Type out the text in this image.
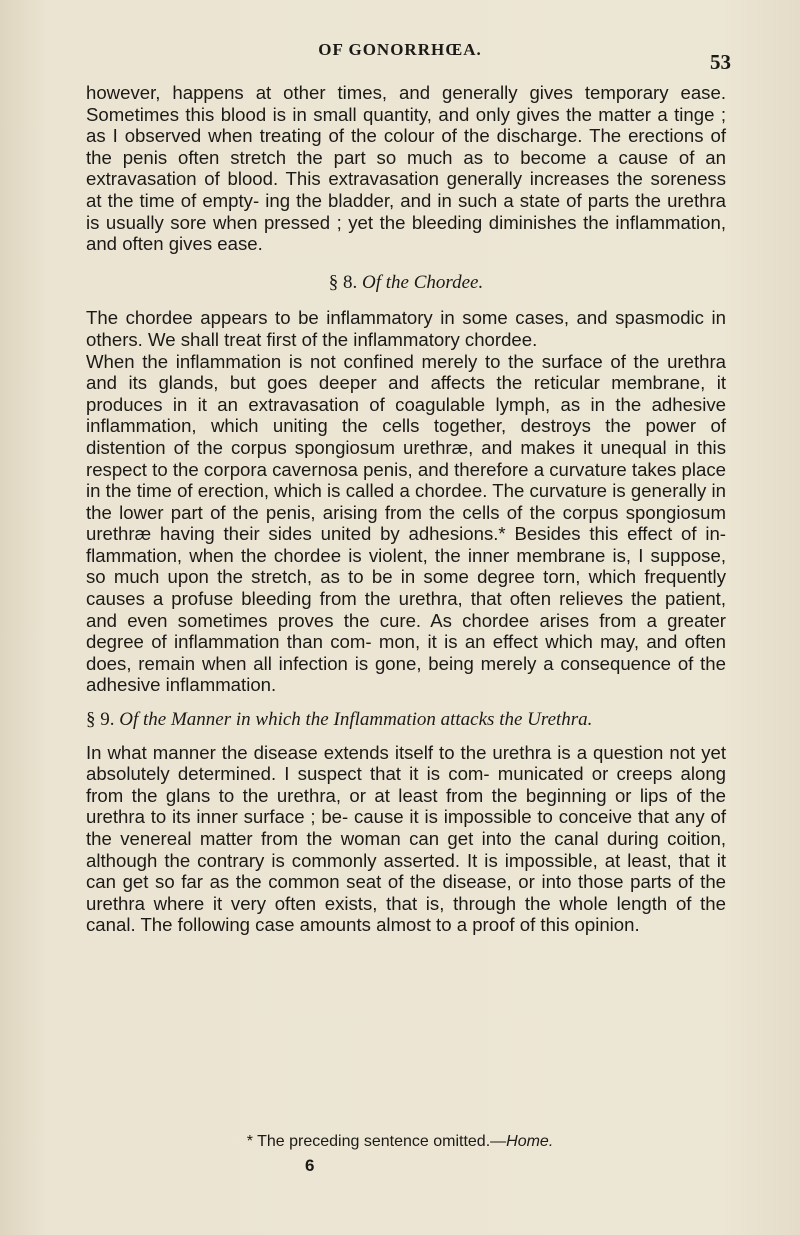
OF GONORRHŒA.
53

however, happens at other times, and generally gives temporary ease. Sometimes this blood is in small quantity, and only gives the matter a tinge ; as I observed when treating of the colour of the discharge. The erections of the penis often stretch the part so much as to become a cause of an extravasation of blood. This extravasation generally increases the soreness at the time of empty- ing the bladder, and in such a state of parts the urethra is usually sore when pressed ; yet the bleeding diminishes the inflammation, and often gives ease.

§ 8. Of the Chordee.

The chordee appears to be inflammatory in some cases, and spasmodic in others. We shall treat first of the inflammatory chordee.

When the inflammation is not confined merely to the surface of the urethra and its glands, but goes deeper and affects the reticular membrane, it produces in it an extravasation of coagulable lymph, as in the adhesive inflammation, which uniting the cells together, destroys the power of distention of the corpus spongiosum urethræ, and makes it unequal in this respect to the corpora cavernosa penis, and therefore a curvature takes place in the time of erection, which is called a chordee. The curvature is generally in the lower part of the penis, arising from the cells of the corpus spongiosum urethræ having their sides united by adhesions.* Besides this effect of in- flammation, when the chordee is violent, the inner membrane is, I suppose, so much upon the stretch, as to be in some degree torn, which frequently causes a profuse bleeding from the urethra, that often relieves the patient, and even sometimes proves the cure. As chordee arises from a greater degree of inflammation than com- mon, it is an effect which may, and often does, remain when all infection is gone, being merely a consequence of the adhesive inflammation.

§ 9. Of the Manner in which the Inflammation attacks the Urethra.

In what manner the disease extends itself to the urethra is a question not yet absolutely determined. I suspect that it is com- municated or creeps along from the glans to the urethra, or at least from the beginning or lips of the urethra to its inner surface ; be- cause it is impossible to conceive that any of the venereal matter from the woman can get into the canal during coition, although the contrary is commonly asserted. It is impossible, at least, that it can get so far as the common seat of the disease, or into those parts of the urethra where it very often exists, that is, through the whole length of the canal. The following case amounts almost to a proof of this opinion.

* The preceding sentence omitted.—Home.
6
